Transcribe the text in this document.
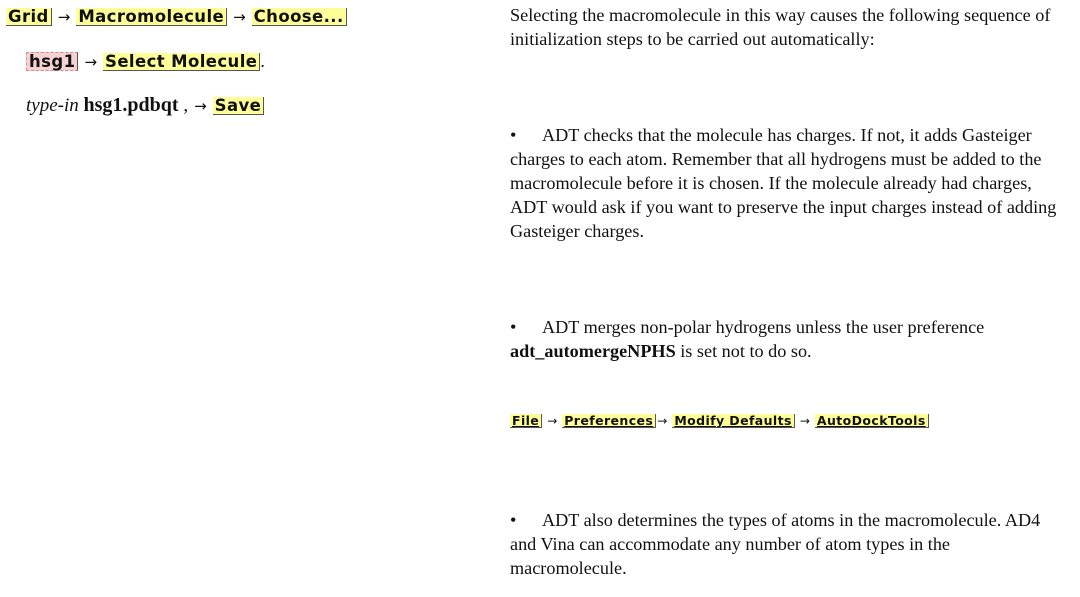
Grid → Macromolecule → Choose...
hsg1 → Select Molecule .
type-in hsg1.pdbqt , → Save
Selecting the macromolecule in this way causes the following sequence of initialization steps to be carried out automatically:
• ADT checks that the molecule has charges. If not, it adds Gasteiger charges to each atom. Remember that all hydrogens must be added to the macromolecule before it is chosen. If the molecule already had charges, ADT would ask if you want to preserve the input charges instead of adding Gasteiger charges.
• ADT merges non-polar hydrogens unless the user preference adt_automergeNPHS is set not to do so.
File → Preferences → Modify Defaults → AutoDockTools
• ADT also determines the types of atoms in the macromolecule. AD4 and Vina can accommodate any number of atom types in the macromolecule.
